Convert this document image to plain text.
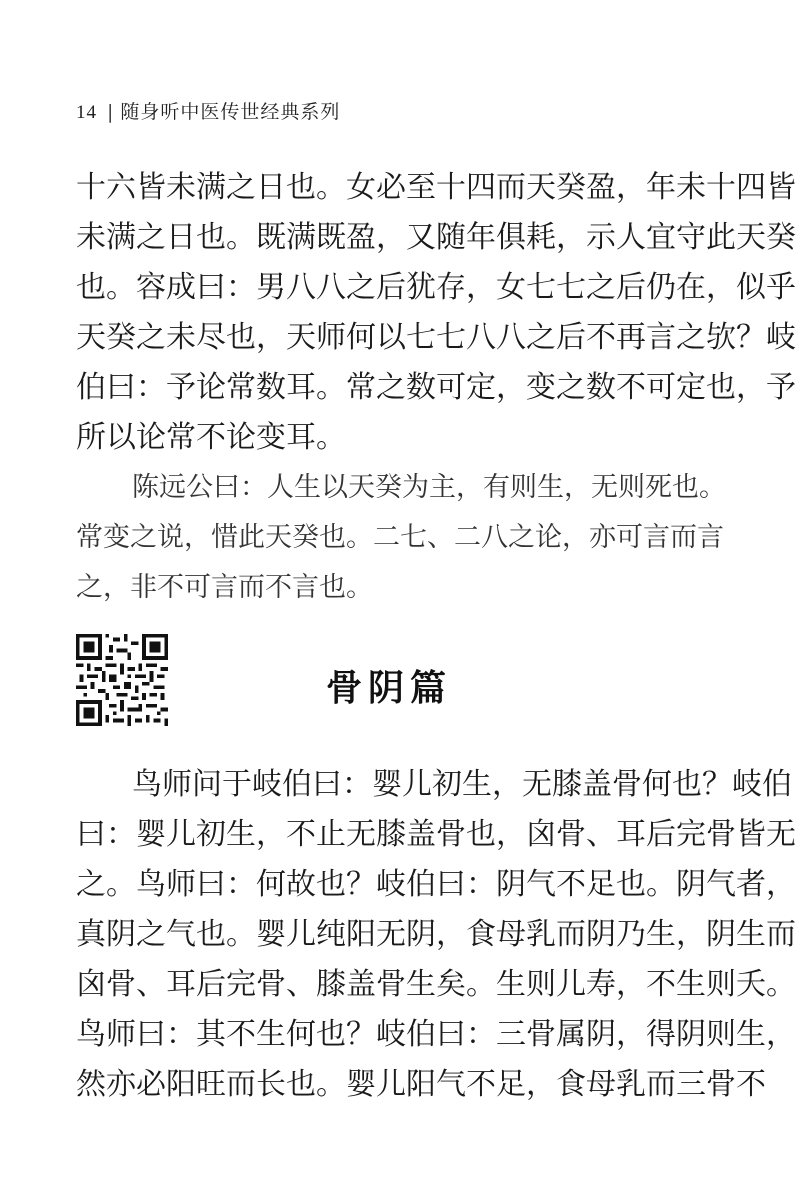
14 | 随身听中医传世经典系列
十六皆未满之日也。女必至十四而天癸盈，年未十四皆
未满之日也。既满既盈，又随年俱耗，示人宜守此天癸
也。容成曰：男八八之后犹存，女七七之后仍在，似乎
天癸之未尽也，天师何以七七八八之后不再言之欤？岐
伯曰：予论常数耳。常之数可定，变之数不可定也，予
所以论常不论变耳。
陈远公曰：人生以天癸为主，有则生，无则死也。
常变之说，惜此天癸也。二七、二八之论，亦可言而言
之，非不可言而不言也。
骨阴篇
鸟师问于岐伯曰：婴儿初生，无膝盖骨何也？岐伯
曰：婴儿初生，不止无膝盖骨也，囟骨、耳后完骨皆无
之。鸟师曰：何故也？岐伯曰：阴气不足也。阴气者，
真阴之气也。婴儿纯阳无阴，食母乳而阴乃生，阴生而
囟骨、耳后完骨、膝盖骨生矣。生则儿寿，不生则夭。
鸟师曰：其不生何也？岐伯曰：三骨属阴，得阴则生，
然亦必阳旺而长也。婴儿阳气不足，食母乳而三骨不
